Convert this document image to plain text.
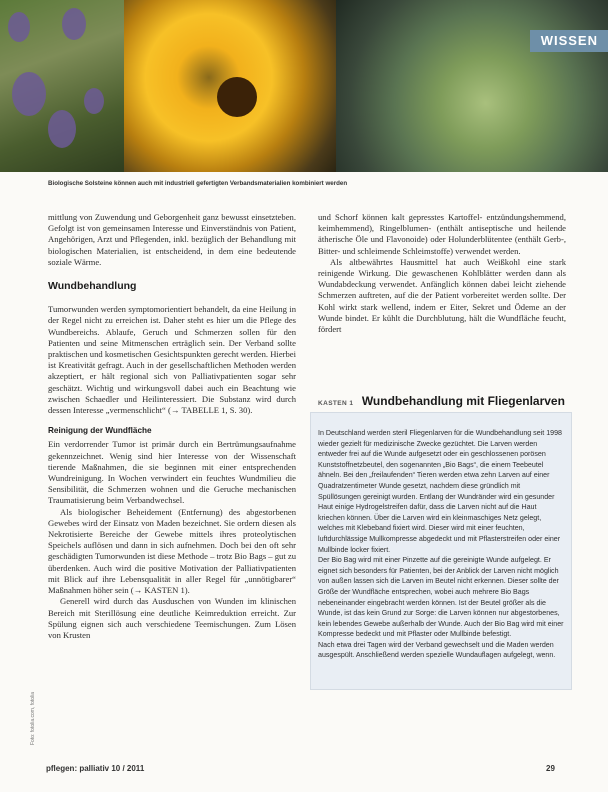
WISSEN
Biologische Solsteine können auch mit industriell gefertigten Verbandsmaterialien kombiniert werden

mittlung von Zuwendung und Geborgenheit ganz bewusst einsetzteben. Gefolgt ist von gemeinsamen Interesse und Einverständnis von Patient, Angehörigen, Arzt und Pflegenden, inkl. bezüglich der Behandlung mit biologischen Materialien, ist entscheidend, in dem eine bedeutende soziale Wärme.

Wundbehandlung

Tumorwunden werden symptomorientiert behandelt, da eine Heilung in der Regel nicht zu erreichen ist. Daher steht es hier um die Pflege des Wundbereichs. Ablaufe, Geruch und Schmerzen sollen für den Patienten und seine Mitmenschen erträglich sein. Der Verband sollte praktischen und kosmetischen Gesichtspunkten gerecht werden. Hierbei ist Kreativität gefragt. Auch in der gesellschaftlichen Methoden werden akzeptiert, er hält regional sich von Palliativpatienten sogar sehr geschätzt. Wichtig und wirkungsvoll dabei auch ein Beachtung wie zwischen Schaedler und Heilinteressiert. Die Substanz wird durch dessen Interesse „vermenschlicht“ (→ TABELLE 1, S. 30).

Reinigung der Wundfläche

Ein verdorrender Tumor ist primär durch ein Bertrümungsaufnahme gekennzeichnet. Wenig sind hier Interesse von der Wissenschaft tierende Maßnahmen, die sie beginnen mit einer entsprechenden Wundreinigung. In Wochen verwindert ein feuchtes Wundmilieu die Sensibilität, die Schmerzen wohnen und die Geruche mechanischen Traumatisierung beim Verbandwechsel.

Als biologischer Beheidement (Entfernung) des abgestorbenen Gewebes wird der Einsatz von Maden bezeichnet. Sie ordern diesen als Nekrotisierte Bereiche der Gewebe mittels ihres proteolytischen Speichels auflösen und dann in sich aufnehmen. Doch bei den oft sehr geschädigten Tumorwunden ist diese Methode – trotz Bio Bags – gut zu überdenken. Auch wird die positive Motivation der Palliativpatienten mit Blick auf ihre Lebensqualität in aller Regel für „unnötigbarer“ Maßnahmen höher sein (→ KASTEN 1).

Generell wird durch das Ausduschen von Wunden im klinischen Bereich mit Sterillösung eine deutliche Keimreduktion erreicht. Zur Spülung eignen sich auch verschiedene Teemischungen. Zum Lösen von Krusten

und Schorf können kalt gepresstes Kartoffel- entzündungshemmend, keimhemmend), Ringelblumen- (enthält antiseptische und heilende ätherische Öle und Flavonoide) oder Holunderblütentee (enthält Gerb-, Bitter- und schleimende Schleimstoffe) verwendet werden.

Als altbewährtes Hausmittel hat auch Weißkohl eine stark reinigende Wirkung. Die gewaschenen Kohlblätter werden dann als Wundabdeckung verwendet. Anfänglich können dabei leicht ziehende Schmerzen auftreten, auf die der Patient vorbereitet werden sollte. Der Kohl wirkt stark wellend, indem er Eiter, Sekret und Ödeme an der Wunde bindet. Er kühlt die Durchblutung, hält die Wundfläche feucht, fördert

KASTEN 1 Wundbehandlung mit Fliegenlarven

In Deutschland werden steril Fliegenlarven für die Wundbehandlung seit 1998 wieder gezielt für medizinische Zwecke gezüchtet. Die Larven werden entweder frei auf die Wunde aufgesetzt oder ein geschlossenen porösen Kunststoffnetzbeutel, den sogenannten „Bio Bags“, die einem Teebeutel ähneln. Bei den „freilaufenden“ Tieren werden etwa zehn Larven auf einer Quadratzentimeter Wunde gesetzt, nachdem diese gründlich mit Spüllösungen gereinigt wurden. Entlang der Wundränder wird ein gesunder Haut einige Hydrogelstreifen dafür, dass die Larven nicht auf die Haut kriechen können. Über die Larven wird ein kleinmaschiges Netz gelegt, welches mit Klebeband fixiert wird. Dieser wird mit einer feuchten, luftdurchlässige Mullkompresse abgedeckt und mit Pflasterstreifen oder einer Mullbinde locker fixiert.

Der Bio Bag wird mit einer Pinzette auf die gereinigte Wunde aufgelegt. Er eignet sich besonders für Patienten, bei der Anblick der Larven nicht möglich von außen lassen sich die Larven im Beutel nicht erkennen. Dieser sollte der Größe der Wundfläche entsprechen, wobei auch mehrere Bio Bags nebeneinander eingebracht werden können. Ist der Beutel größer als die Wunde, ist das kein Grund zur Sorge: die Larven können nur abgestorbenes, kein lebendes Gewebe außerhalb der Wunde. Auch der Bio Bag wird mit einer Kompresse bedeckt und mit Pflaster oder Mullbinde befestigt.

Nach etwa drei Tagen wird der Verband gewechselt und die Maden werden ausgespült. Anschließend werden spezielle Wundauflagen aufgelegt, wenn.

Foto: fotolia.com, fotolia
pflegen: palliativ 10 / 2011	29
